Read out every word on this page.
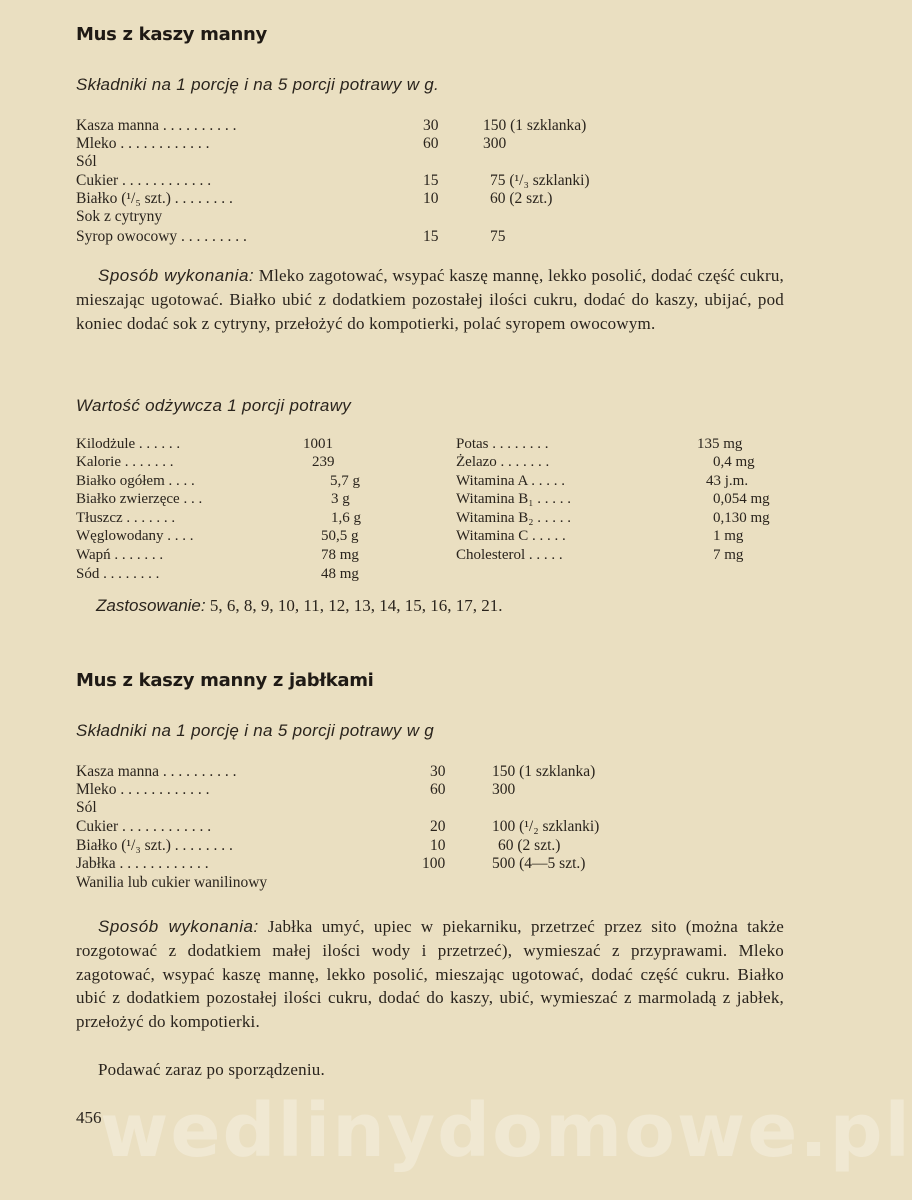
Mus z kaszy manny
Składniki na 1 porcję i na 5 porcji potrawy w g.
Kasza manna . . . . . . . . . .	30	150 (1 szklanka)
Mleko . . . . . . . . . . . .	60	300
Sól
Cukier . . . . . . . . . . . .	15	75 (¹/₃ szklanki)
Białko (¹/₅ szt.) . . . . . . . .	10	60 (2 szt.)
Sok z cytryny
Syrop owocowy . . . . . . . . .	15	75
Sposób wykonania: Mleko zagotować, wsypać kaszę mannę, lekko posolić, dodać część cukru, mieszając ugotować. Białko ubić z dodatkiem pozostałej ilości cukru, dodać do kaszy, ubijać, pod koniec dodać sok z cytryny, przełożyć do kompotierki, polać syropem owocowym.
Wartość odżywcza 1 porcji potrawy
Kilodżule . . . . . .	1001
Kalorie . . . . . . .	239
Białko ogółem . . . .	5,7 g
Białko zwierzęce . . .	3 g
Tłuszcz . . . . . . .	1,6 g
Węglowodany . . . .	50,5 g
Wapń . . . . . . .	78 mg
Sód . . . . . . . .	48 mg
Potas . . . . . . . .	135 mg
Żelazo . . . . . . .	0,4 mg
Witamina A . . . . .	43 j.m.
Witamina B₁ . . . . .	0,054 mg
Witamina B₂ . . . . .	0,130 mg
Witamina C . . . . .	1 mg
Cholesterol . . . . .	7 mg
Zastosowanie: 5, 6, 8, 9, 10, 11, 12, 13, 14, 15, 16, 17, 21.
Mus z kaszy manny z jabłkami
Składniki na 1 porcję i na 5 porcji potrawy w g
Kasza manna . . . . . . . . . .	30	150 (1 szklanka)
Mleko . . . . . . . . . . . .	60	300
Sól
Cukier . . . . . . . . . . . .	20	100 (¹/₂ szklanki)
Białko (¹/₃ szt.) . . . . . . . .	10	60 (2 szt.)
Jabłka . . . . . . . . . . . .	100	500 (4—5 szt.)
Wanilia lub cukier wanilinowy
Sposób wykonania: Jabłka umyć, upiec w piekarniku, przetrzeć przez sito (można także rozgotować z dodatkiem małej ilości wody i przetrzeć), wymieszać z przyprawami. Mleko zagotować, wsypać kaszę mannę, lekko posolić, mieszając ugotować, dodać część cukru. Białko ubić z dodatkiem pozostałej ilości cukru, dodać do kaszy, ubić, wymieszać z marmoladą z jabłek, przełożyć do kompotierki.
Podawać zaraz po sporządzeniu.
456
wedlinydomowe.pl
